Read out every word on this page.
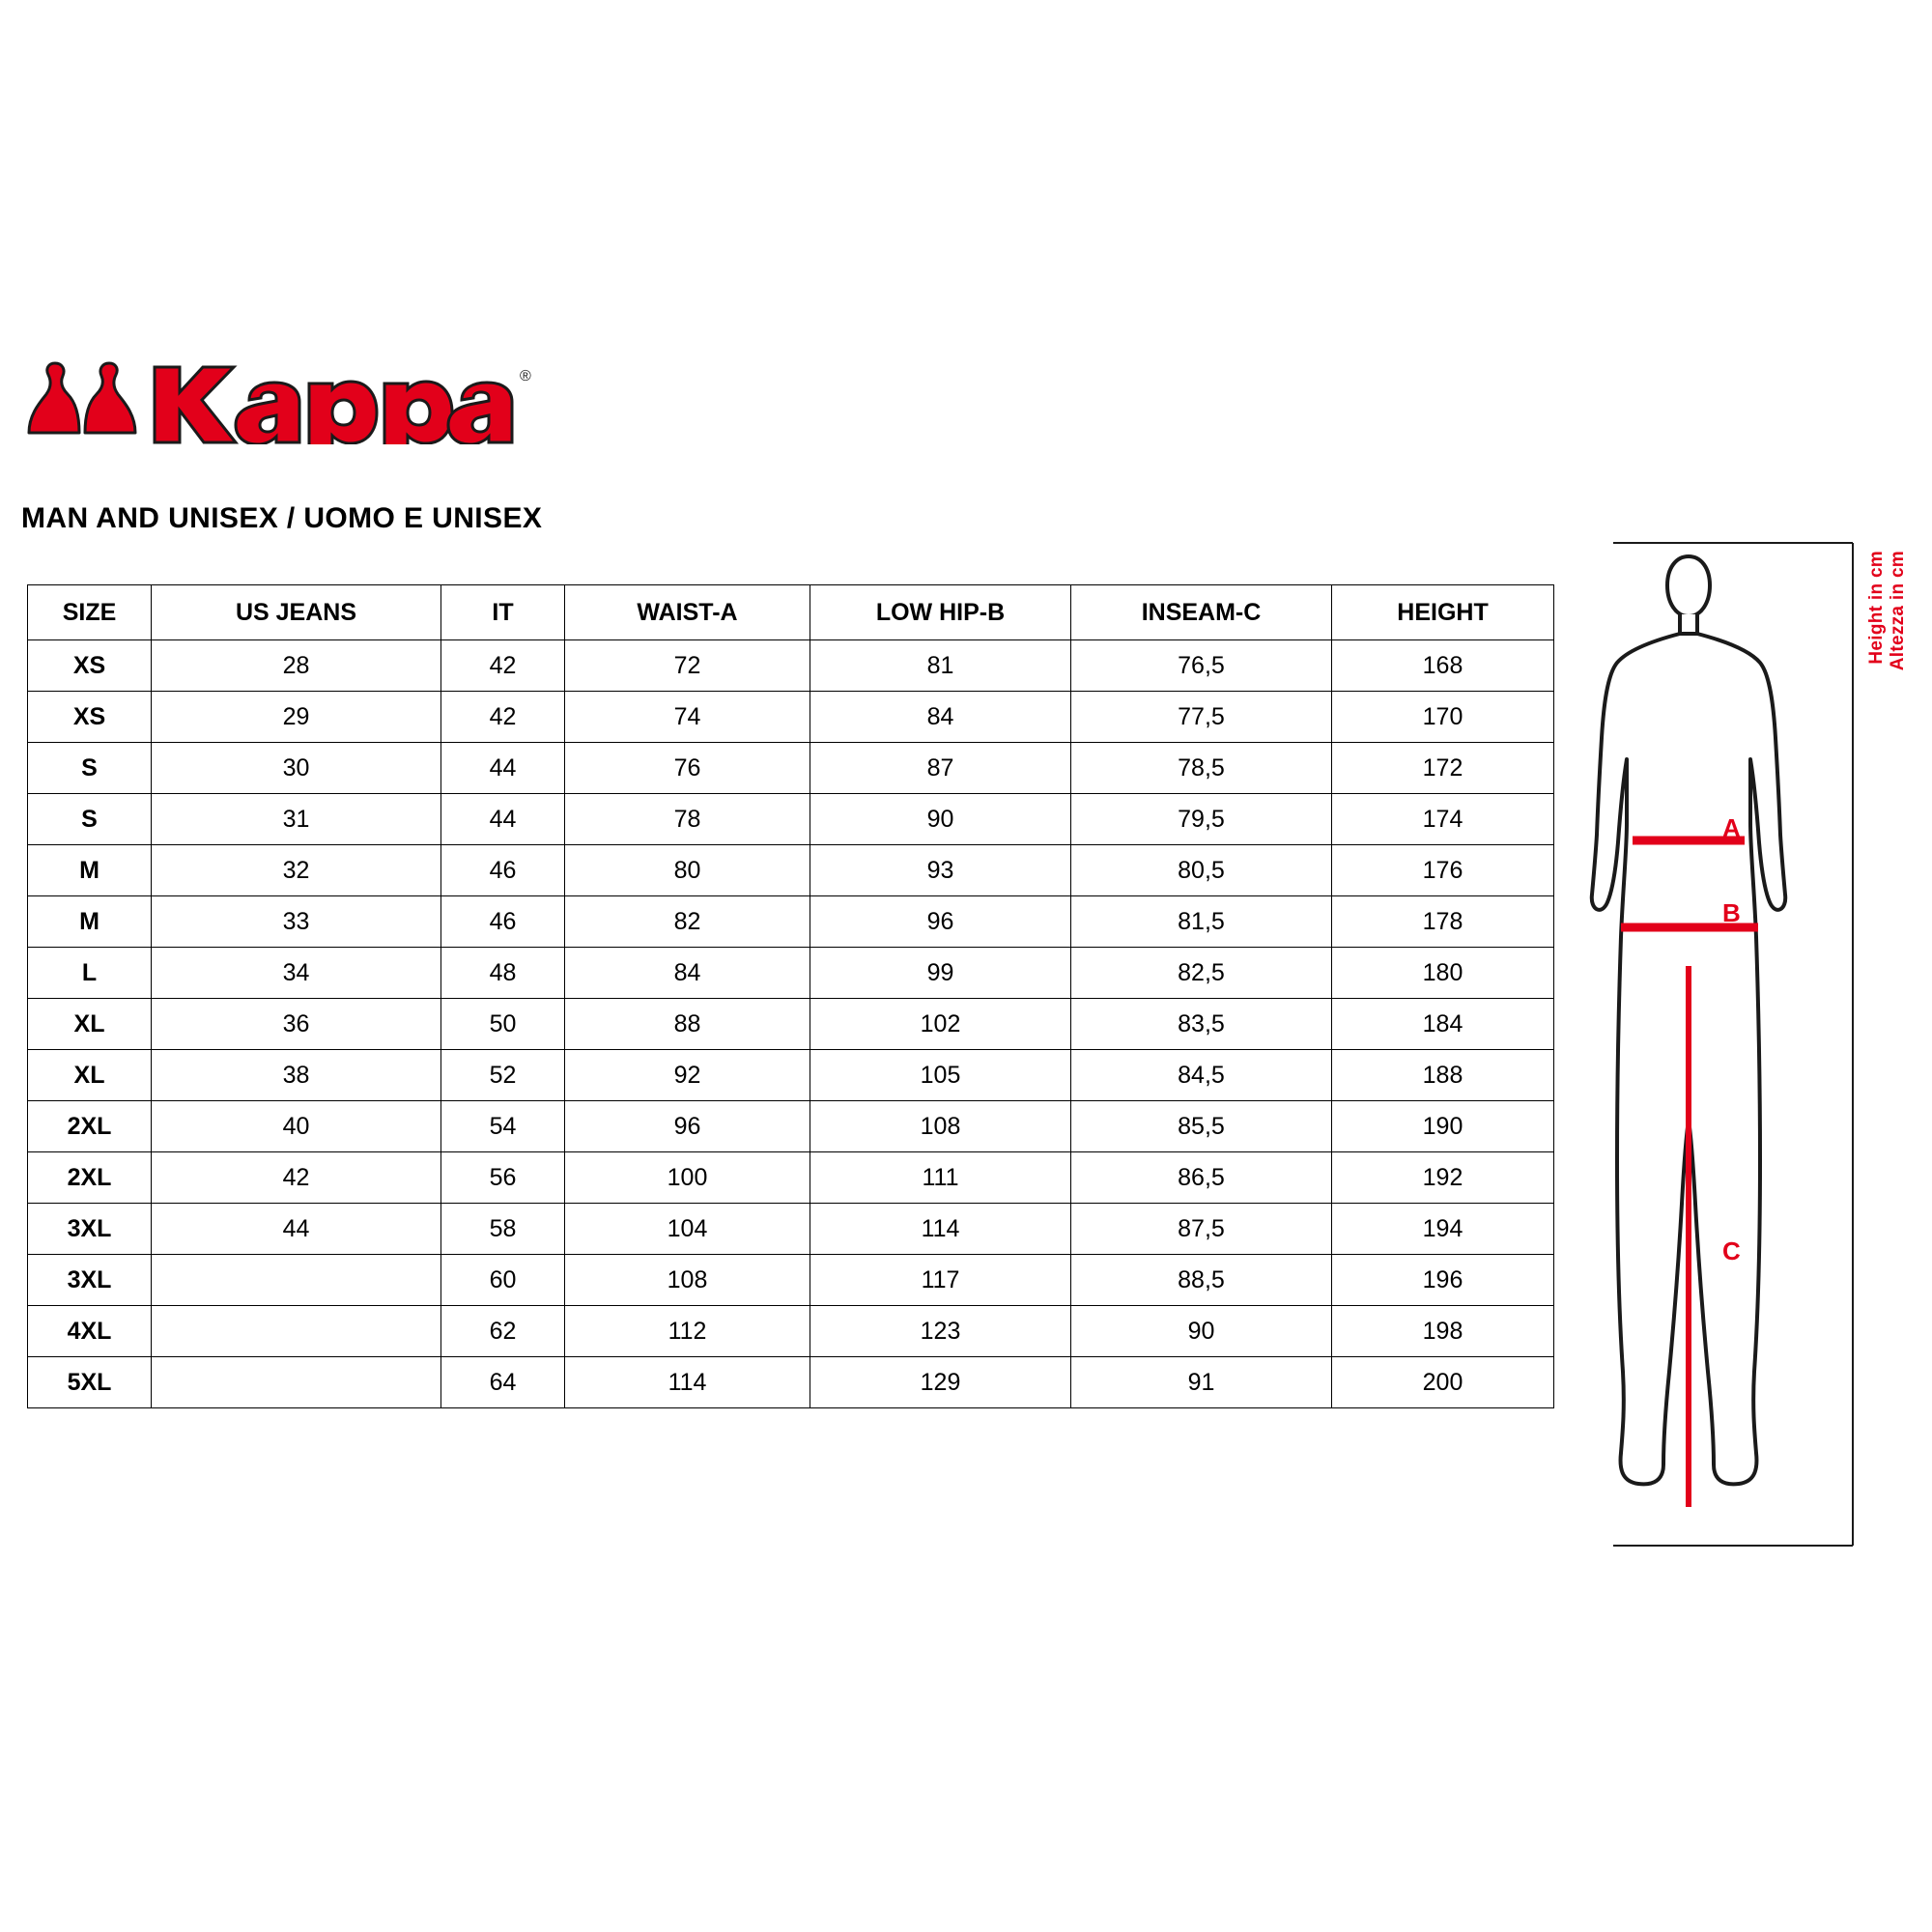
®
MAN AND UNISEX / UOMO E UNISEX
SIZE	US JEANS	IT	WAIST-A	LOW HIP-B	INSEAM-C	HEIGHT
XS	28	42	72	81	76,5	168
XS	29	42	74	84	77,5	170
S	30	44	76	87	78,5	172
S	31	44	78	90	79,5	174
M	32	46	80	93	80,5	176
M	33	46	82	96	81,5	178
L	34	48	84	99	82,5	180
XL	36	50	88	102	83,5	184
XL	38	52	92	105	84,5	188
2XL	40	54	96	108	85,5	190
2XL	42	56	100	111	86,5	192
3XL	44	58	104	114	87,5	194
3XL		60	108	117	88,5	196
4XL		62	112	123	90	198
5XL		64	114	129	91	200
Height in cm Altezza in cm
A
B
C
